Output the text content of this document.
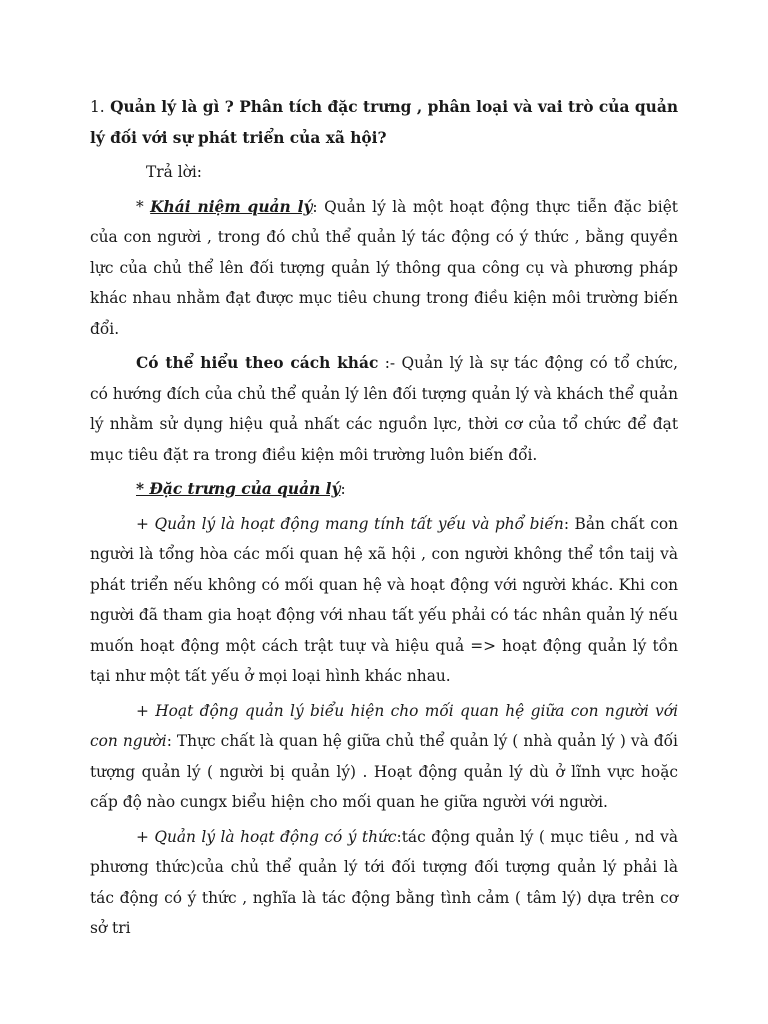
1. Quản lý là gì ? Phân tích đặc trưng , phân loại và vai trò của quản lý đối với sự phát triển của xã hội?

Trả lời:

* Khái niệm quản lý: Quản lý là một hoạt động thực tiễn đặc biệt của con người , trong đó chủ thể quản lý tác động có ý thức , bằng quyền lực của chủ thể lên đối tượng quản lý thông qua công cụ và phương pháp khác nhau nhằm đạt được mục tiêu chung trong điều kiện môi trường biến đổi.

Có thể hiểu theo cách khác :- Quản lý là sự tác động có tổ chức, có hướng đích của chủ thể quản lý lên đối tượng quản lý và khách thể quản lý nhằm sử dụng hiệu quả nhất các nguồn lực, thời cơ của tổ chức để đạt mục tiêu đặt ra trong điều kiện môi trường luôn biến đổi.

* Đặc trưng của quản lý:

+ Quản lý là hoạt động mang tính tất yếu và phổ biến: Bản chất con người là tổng hòa các mối quan hệ xã hội , con người không thể tồn taij và phát triển nếu không có mối quan hệ và hoạt động với người khác. Khi con người đã tham gia hoạt động với nhau tất yếu phải có tác nhân quản lý nếu muốn hoạt động một cách trật tuự và hiệu quả => hoạt động quản lý tồn tại như một tất yếu ở mọi loại hình khác nhau.

+ Hoạt động quản lý biểu hiện cho mối quan hệ giữa con người với con người: Thực chất là quan hệ giữa chủ thể quản lý ( nhà quản lý ) và đối tượng quản lý ( người bị quản lý) . Hoạt động quản lý dù ở lĩnh vực hoặc cấp độ nào cungx biểu hiện cho mối quan he giữa người với người.

+ Quản lý là hoạt động có ý thức:tác động quản lý ( mục tiêu , nd và phương thức)của chủ thể quản lý tới đối tượng đối tượng quản lý phải là tác động có ý thức , nghĩa là tác động bằng tình cảm ( tâm lý) dựa trên cơ sở tri
